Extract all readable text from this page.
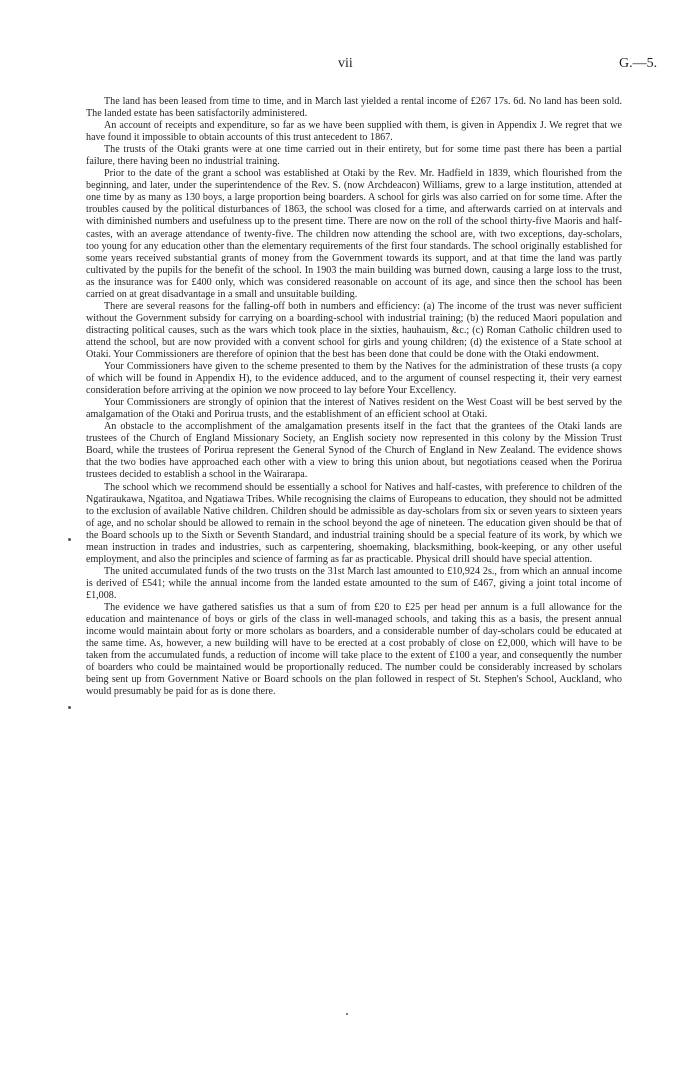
vii	G.—5.

The land has been leased from time to time, and in March last yielded a rental income of £267 17s. 6d. No land has been sold. The landed estate has been satisfactorily administered.

An account of receipts and expenditure, so far as we have been supplied with them, is given in Appendix J. We regret that we have found it impossible to obtain accounts of this trust antecedent to 1867.

The trusts of the Otaki grants were at one time carried out in their entirety, but for some time past there has been a partial failure, there having been no industrial training.

Prior to the date of the grant a school was established at Otaki by the Rev. Mr. Hadfield in 1839, which flourished from the beginning, and later, under the superintendence of the Rev. S. (now Archdeacon) Williams, grew to a large institution, attended at one time by as many as 130 boys, a large proportion being boarders. A school for girls was also carried on for some time. After the troubles caused by the political disturbances of 1863, the school was closed for a time, and afterwards carried on at intervals and with diminished numbers and usefulness up to the present time. There are now on the roll of the school thirty-five Maoris and half-castes, with an average attendance of twenty-five. The children now attending the school are, with two exceptions, day-scholars, too young for any education other than the elementary requirements of the first four standards. The school originally established for some years received substantial grants of money from the Government towards its support, and at that time the land was partly cultivated by the pupils for the benefit of the school. In 1903 the main building was burned down, causing a large loss to the trust, as the insurance was for £400 only, which was considered reasonable on account of its age, and since then the school has been carried on at great disadvantage in a small and unsuitable building.

There are several reasons for the falling-off both in numbers and efficiency: (a) The income of the trust was never sufficient without the Government subsidy for carrying on a boarding-school with industrial training; (b) the reduced Maori population and distracting political causes, such as the wars which took place in the sixties, hauhauism, &c.; (c) Roman Catholic children used to attend the school, but are now provided with a convent school for girls and young children; (d) the existence of a State school at Otaki. Your Commissioners are therefore of opinion that the best has been done that could be done with the Otaki endowment.

Your Commissioners have given to the scheme presented to them by the Natives for the administration of these trusts (a copy of which will be found in Appendix H), to the evidence adduced, and to the argument of counsel respecting it, their very earnest consideration before arriving at the opinion we now proceed to lay before Your Excellency.

Your Commissioners are strongly of opinion that the interest of Natives resident on the West Coast will be best served by the amalgamation of the Otaki and Porirua trusts, and the establishment of an efficient school at Otaki.

An obstacle to the accomplishment of the amalgamation presents itself in the fact that the grantees of the Otaki lands are trustees of the Church of England Missionary Society, an English society now represented in this colony by the Mission Trust Board, while the trustees of Porirua represent the General Synod of the Church of England in New Zealand. The evidence shows that the two bodies have approached each other with a view to bring this union about, but negotiations ceased when the Porirua trustees decided to establish a school in the Wairarapa.

The school which we recommend should be essentially a school for Natives and half-castes, with preference to children of the Ngatiraukawa, Ngatitoa, and Ngatiawa Tribes. While recognising the claims of Europeans to education, they should not be admitted to the exclusion of available Native children. Children should be admissible as day-scholars from six or seven years to sixteen years of age, and no scholar should be allowed to remain in the school beyond the age of nineteen. The education given should be that of the Board schools up to the Sixth or Seventh Standard, and industrial training should be a special feature of its work, by which we mean instruction in trades and industries, such as carpentering, shoemaking, blacksmithing, book-keeping, or any other useful employment, and also the principles and science of farming as far as practicable. Physical drill should have special attention.

The united accumulated funds of the two trusts on the 31st March last amounted to £10,924 2s., from which an annual income is derived of £541; while the annual income from the landed estate amounted to the sum of £467, giving a joint total income of £1,008.

The evidence we have gathered satisfies us that a sum of from £20 to £25 per head per annum is a full allowance for the education and maintenance of boys or girls of the class in well-managed schools, and taking this as a basis, the present annual income would maintain about forty or more scholars as boarders, and a considerable number of day-scholars could be educated at the same time. As, however, a new building will have to be erected at a cost probably of close on £2,000, which will have to be taken from the accumulated funds, a reduction of income will take place to the extent of £100 a year, and consequently the number of boarders who could be maintained would be proportionally reduced. The number could be considerably increased by scholars being sent up from Government Native or Board schools on the plan followed in respect of St. Stephen's School, Auckland, who would presumably be paid for as is done there.
